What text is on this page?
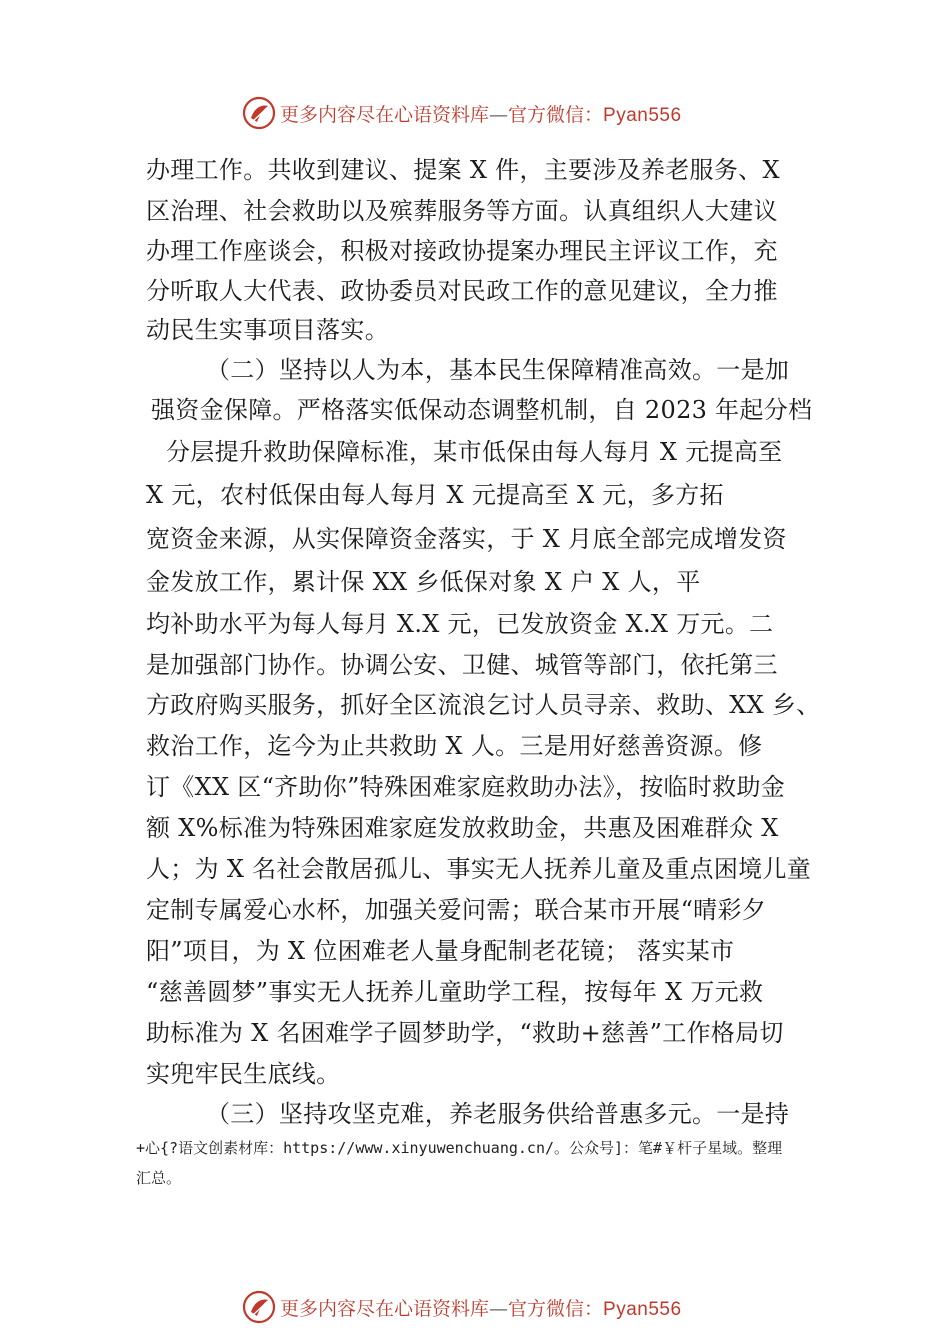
更多内容尽在心语资料库—官方微信：Pyan556
办理工作。共收到建议、提案 X 件，主要涉及养老服务、X
区治理、社会救助以及殡葬服务等方面。认真组织人大建议
办理工作座谈会，积极对接政协提案办理民主评议工作，充
分听取人大代表、政协委员对民政工作的意见建议，全力推
动民生实事项目落实。
（二）坚持以人为本，基本民生保障精准高效。一是加
强资金保障。严格落实低保动态调整机制，自 2023 年起分档
分层提升救助保障标准，某市低保由每人每月 X 元提高至
X 元，农村低保由每人每月 X 元提高至 X 元，多方拓
宽资金来源，从实保障资金落实，于 X 月底全部完成增发资
金发放工作，累计保 XX 乡低保对象 X 户 X 人，平
均补助水平为每人每月 X.X 元，已发放资金 X.X 万元。二
是加强部门协作。协调公安、卫健、城管等部门，依托第三
方政府购买服务，抓好全区流浪乞讨人员寻亲、救助、XX 乡、
救治工作，迄今为止共救助 X 人。三是用好慈善资源。修
订《XX 区“齐助你”特殊困难家庭救助办法》，按临时救助金
额 X%标准为特殊困难家庭发放救助金，共惠及困难群众 X
人；为 X 名社会散居孤儿、事实无人抚养儿童及重点困境儿童
定制专属爱心水杯，加强关爱问需；联合某市开展“晴彩夕
阳”项目，为 X 位困难老人量身配制老花镜； 落实某市
“慈善圆梦”事实无人抚养儿童助学工程，按每年 X 万元救
助标准为 X 名困难学子圆梦助学，“救助+慈善”工作格局切
实兜牢民生底线。
（三）坚持攻坚克难，养老服务供给普惠多元。一是持
+心{?语文创素材库：https://www.xinyuwenchuang.cn/。公众号]：笔#￥杆子星域。整理
汇总。
更多内容尽在心语资料库—官方微信：Pyan556
